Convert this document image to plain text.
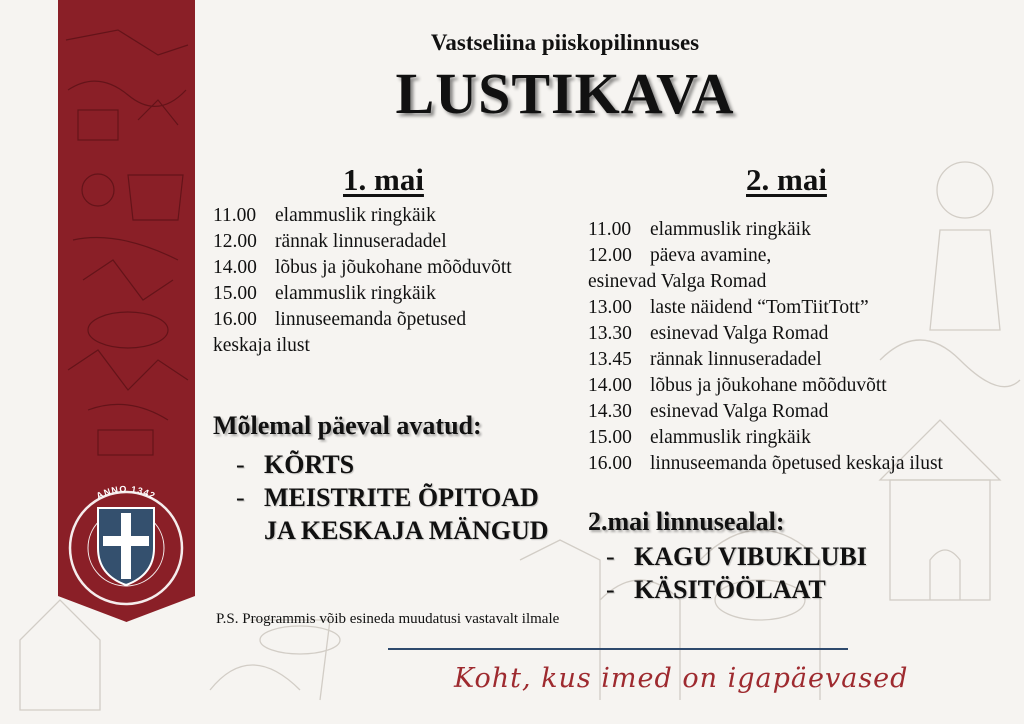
ANNO 1342
Vastseliina piiskopilinnuses
LUSTIKAVA
1. mai
11.00 elammuslik ringkäik
12.00 rännak linnuseradadel
14.00 lõbus ja jõukohane mõõduvõtt
15.00 elammuslik ringkäik
16.00 linnuseemanda õpetused
keskaja ilust
Mõlemal päeval avatud:
- KÕRTS
- MEISTRITE ÕPITOAD
JA KESKAJA MÄNGUD
2. mai
11.00 elammuslik ringkäik
12.00 päeva avamine,
esinevad Valga Romad
13.00 laste näidend “TomTiitTott”
13.30 esinevad Valga Romad
13.45 rännak linnuseradadel
14.00 lõbus ja jõukohane mõõduvõtt
14.30 esinevad Valga Romad
15.00 elammuslik ringkäik
16.00 linnuseemanda õpetused keskaja ilust
2.mai linnusealal:
- KAGU VIBUKLUBI
- KÄSITÖÖLAAT
P.S. Programmis võib esineda muudatusi vastavalt ilmale
Koht, kus imed on igapäevased
